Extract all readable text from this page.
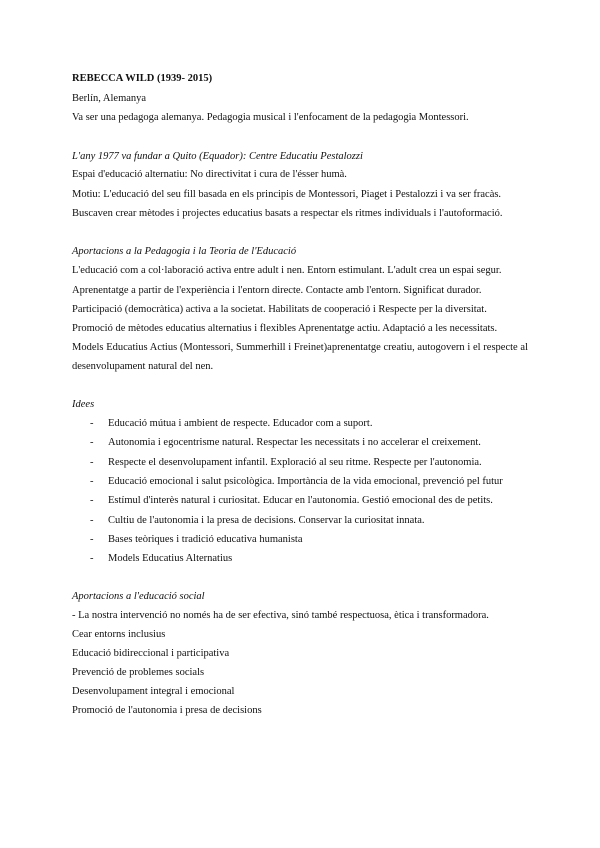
REBECCA WILD (1939- 2015)
Berlín, Alemanya
Va ser una pedagoga alemanya. Pedagogia musical i l'enfocament de la pedagogia Montessori.
L'any 1977 va fundar a Quito (Equador): Centre Educatiu Pestalozzi
Espai d'educació alternatiu: No directivitat i cura de l'ésser humà.
Motiu: L'educació del seu fill basada en els principis de Montessori, Piaget i Pestalozzi i va ser fracàs.
Buscaven crear mètodes i projectes educatius basats a respectar els ritmes individuals i l'autoformació.
Aportacions a la Pedagogia i la Teoria de l'Educació
L'educació com a col·laboració activa entre adult i nen. Entorn estimulant. L'adult crea un espai segur.
Aprenentatge a partir de l'experiència i l'entorn directe. Contacte amb l'entorn. Significat durador.
Participació (democràtica) activa a la societat. Habilitats de cooperació i Respecte per la diversitat.
Promoció de mètodes educatius alternatius i flexibles Aprenentatge actiu. Adaptació a les necessitats.
Models Educatius Actius (Montessori, Summerhill i Freinet)aprenentatge creatiu, autogovern i el respecte al desenvolupament natural del nen.
Idees
- Educació mútua i ambient de respecte. Educador com a suport.
- Autonomia i egocentrisme natural. Respectar les necessitats i no accelerar el creixement.
- Respecte el desenvolupament infantil. Exploració al seu ritme. Respecte per l'autonomia.
- Educació emocional i salut psicològica. Importància de la vida emocional, prevenció pel futur
- Estímul d'interès natural i curiositat. Educar en l'autonomia. Gestió emocional des de petits.
- Cultiu de l'autonomia i la presa de decisions. Conservar la curiositat innata.
- Bases teòriques i tradició educativa humanista
- Models Educatius Alternatius
Aportacions a l'educació social
- La nostra intervenció no només ha de ser efectiva, sinó també respectuosa, ètica i transformadora.
Cear entorns inclusius
Educació bidireccional i participativa
Prevenció de problemes socials
Desenvolupament integral i emocional
Promoció de l'autonomia i presa de decisions
